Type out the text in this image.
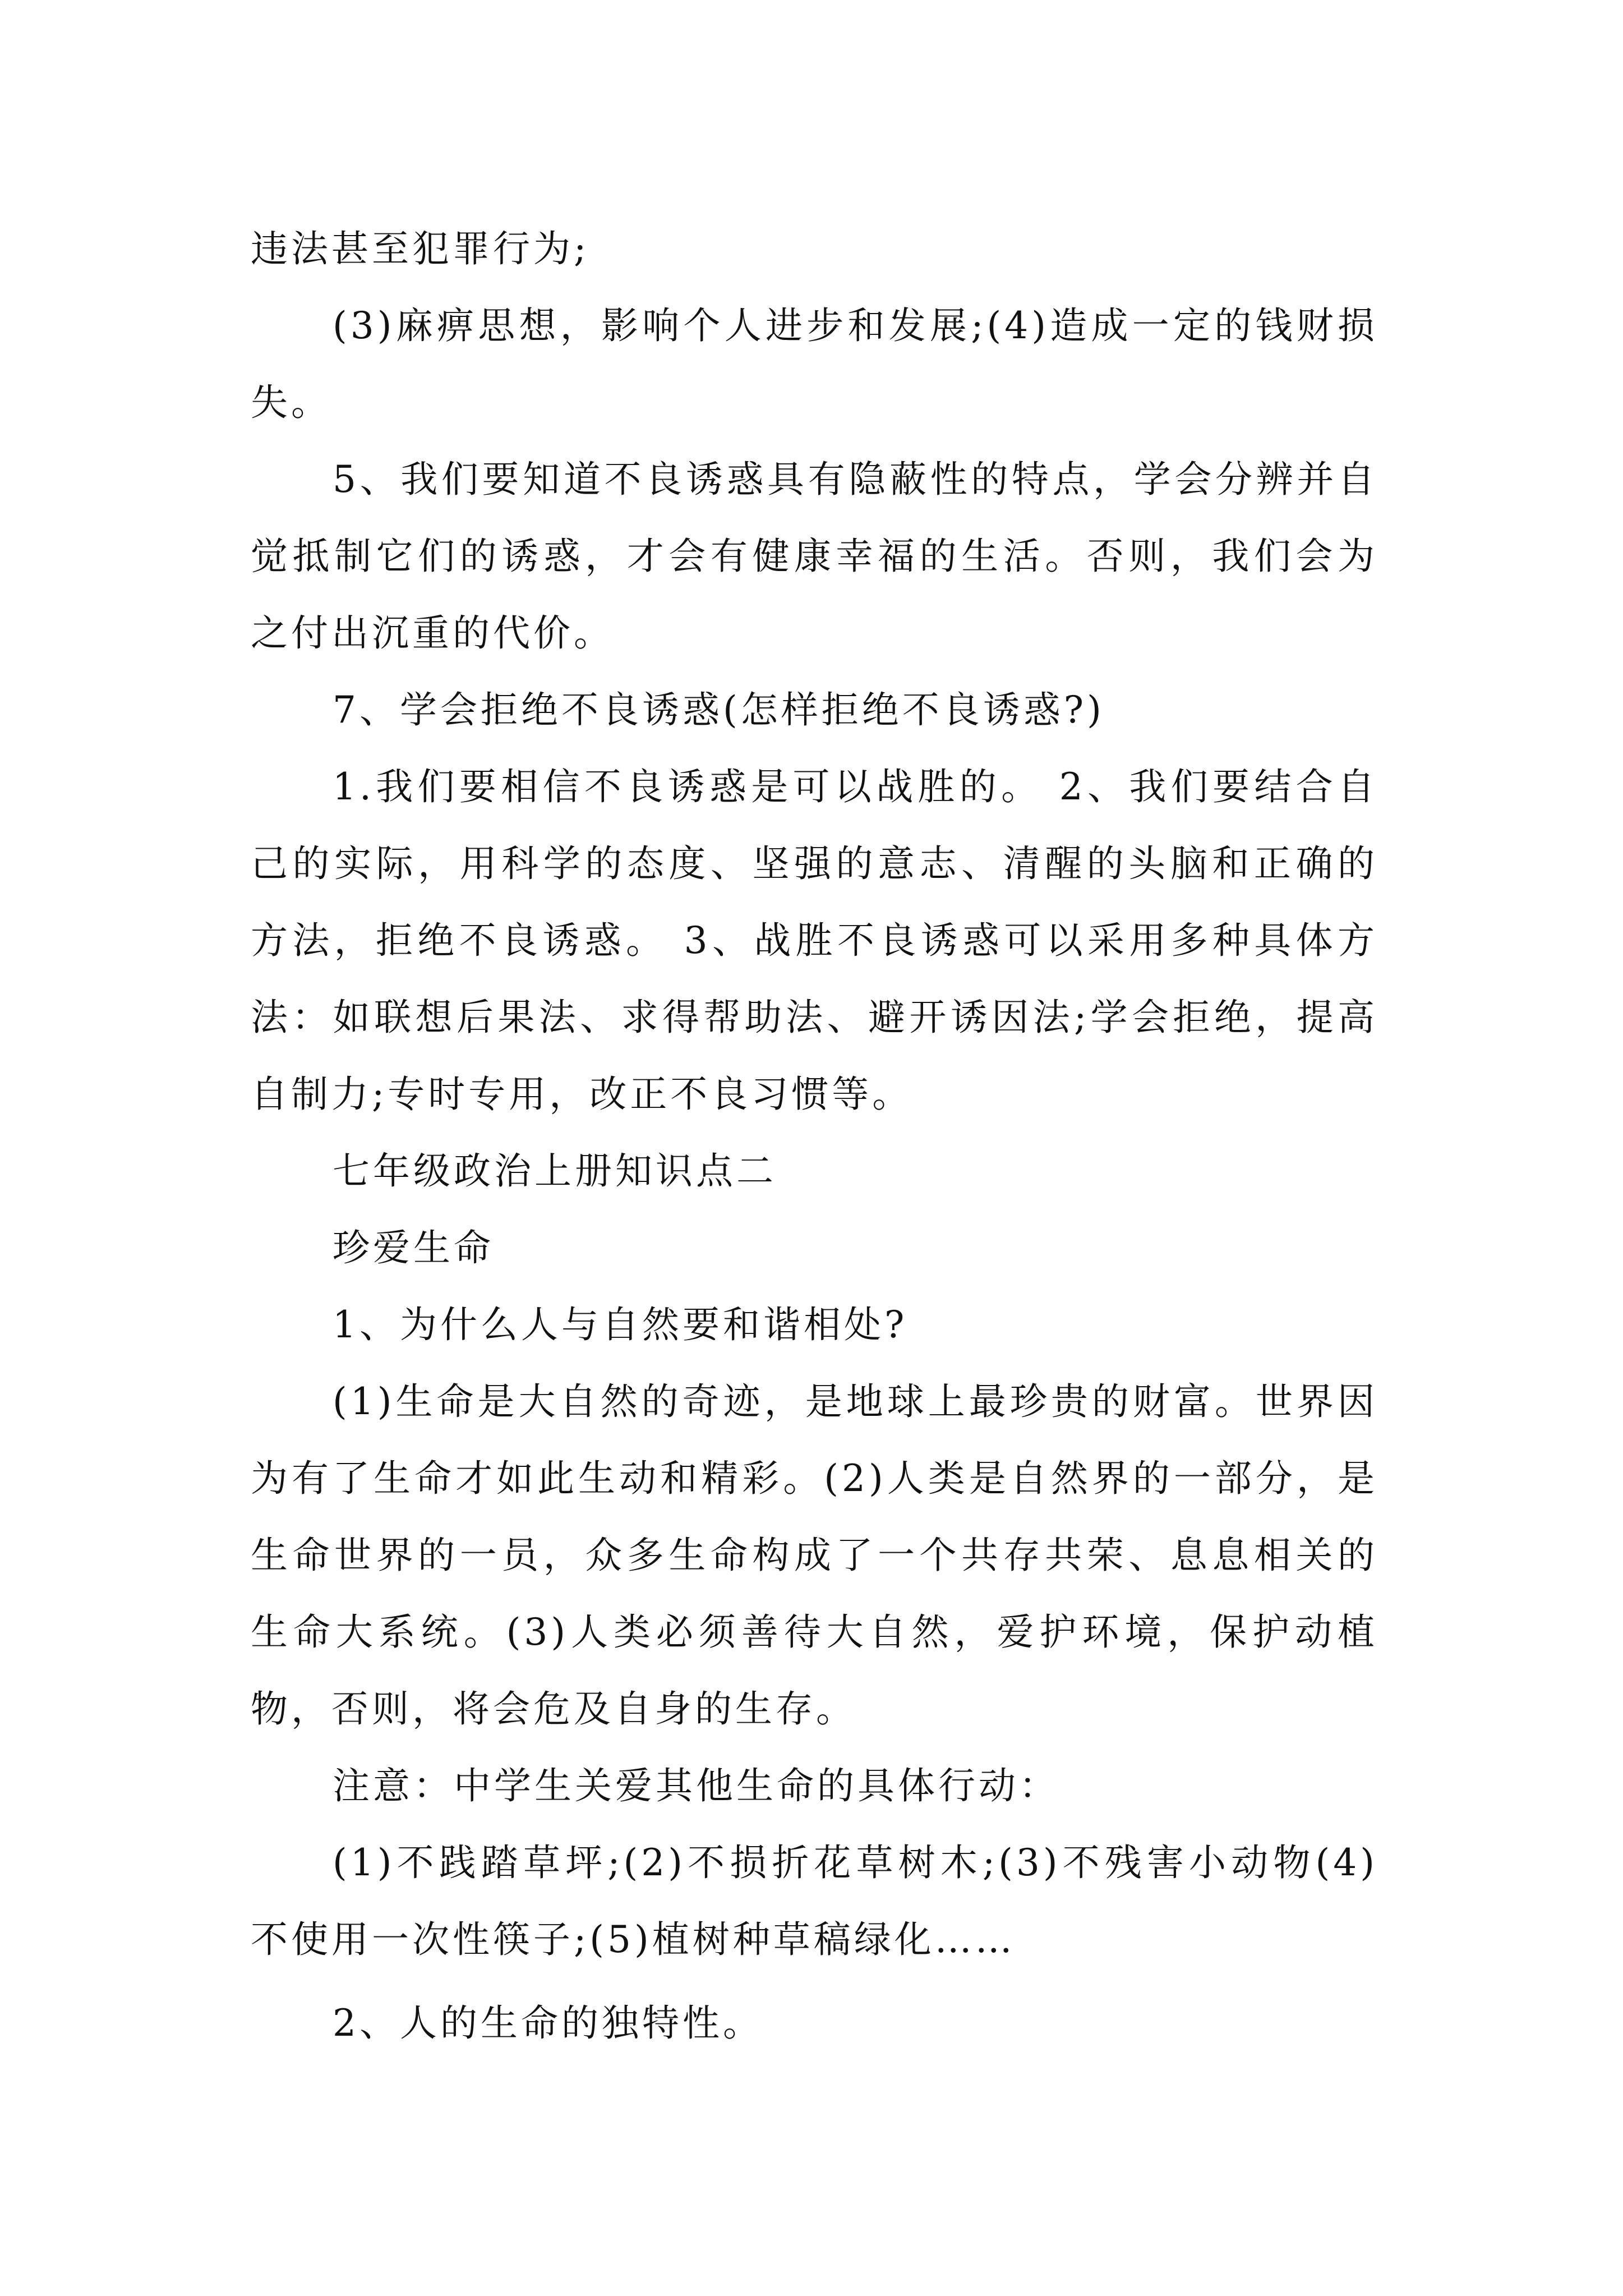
违法甚至犯罪行为;

(3)麻痹思想，影响个人进步和发展;(4)造成一定的钱财损失。

5、我们要知道不良诱惑具有隐蔽性的特点，学会分辨并自觉抵制它们的诱惑，才会有健康幸福的生活。否则，我们会为之付出沉重的代价。

7、学会拒绝不良诱惑(怎样拒绝不良诱惑?)

1.我们要相信不良诱惑是可以战胜的。 2、我们要结合自己的实际，用科学的态度、坚强的意志、清醒的头脑和正确的方法，拒绝不良诱惑。 3、战胜不良诱惑可以采用多种具体方法：如联想后果法、求得帮助法、避开诱因法;学会拒绝，提高自制力;专时专用，改正不良习惯等。

七年级政治上册知识点二

珍爱生命

1、为什么人与自然要和谐相处?

(1)生命是大自然的奇迹，是地球上最珍贵的财富。世界因为有了生命才如此生动和精彩。(2)人类是自然界的一部分，是生命世界的一员，众多生命构成了一个共存共荣、息息相关的生命大系统。(3)人类必须善待大自然，爱护环境，保护动植物，否则，将会危及自身的生存。

注意：中学生关爱其他生命的具体行动：

(1)不践踏草坪;(2)不损折花草树木;(3)不残害小动物(4)不使用一次性筷子;(5)植树种草稿绿化……

2、人的生命的独特性。
